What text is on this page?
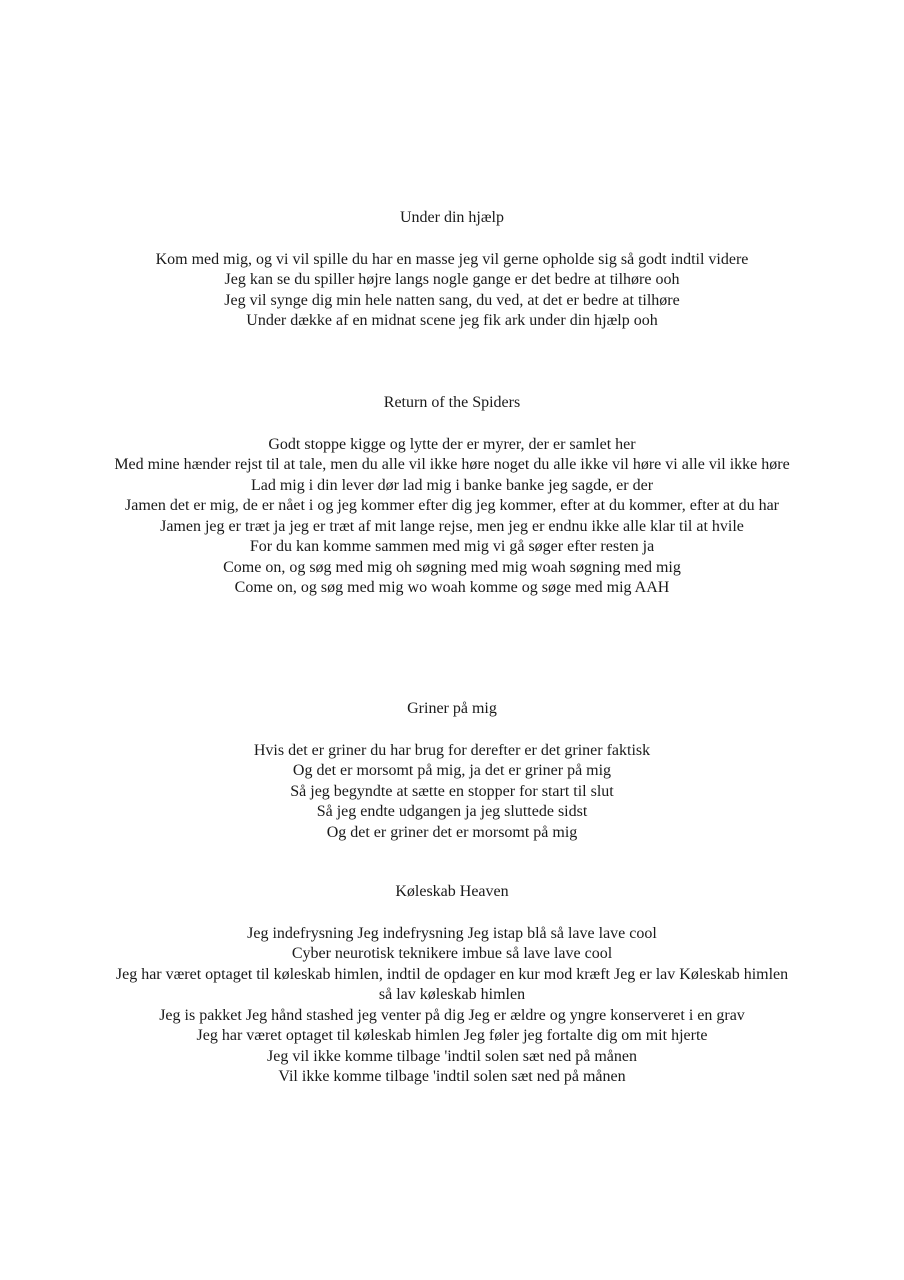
Under din hjælp
Kom med mig, og vi vil spille du har en masse jeg vil gerne opholde sig så godt indtil videre
Jeg kan se du spiller højre langs nogle gange er det bedre at tilhøre ooh
Jeg vil synge dig min hele natten sang, du ved, at det er bedre at tilhøre
Under dække af en midnat scene jeg fik ark under din hjælp ooh
Return of the Spiders
Godt stoppe kigge og lytte der er myrer, der er samlet her
Med mine hænder rejst til at tale, men du alle vil ikke høre noget du alle ikke vil høre vi alle vil ikke høre
Lad mig i din lever dør lad mig i banke banke jeg sagde, er der
Jamen det er mig, de er nået i og jeg kommer efter dig jeg kommer, efter at du kommer, efter at du har
Jamen jeg er træt ja jeg er træt af mit lange rejse, men jeg er endnu ikke alle klar til at hvile
For du kan komme sammen med mig vi gå søger efter resten ja
Come on, og søg med mig oh søgning med mig woah søgning med mig
Come on, og søg med mig wo woah komme og søge med mig AAH
Griner på mig
Hvis det er griner du har brug for derefter er det griner faktisk
Og det er morsomt på mig, ja det er griner på mig
Så jeg begyndte at sætte en stopper for start til slut
Så jeg endte udgangen ja jeg sluttede sidst
Og det er griner det er morsomt på mig
Køleskab Heaven
Jeg indefrysning Jeg indefrysning Jeg istap blå så lave lave cool
Cyber neurotisk teknikere imbue så lave lave cool
Jeg har været optaget til køleskab himlen, indtil de opdager en kur mod kræft Jeg er lav Køleskab himlen så lav køleskab himlen
Jeg is pakket Jeg hånd stashed jeg venter på dig Jeg er ældre og yngre konserveret i en grav
Jeg har været optaget til køleskab himlen Jeg føler jeg fortalte dig om mit hjerte
Jeg vil ikke komme tilbage 'indtil solen sæt ned på månen
Vil ikke komme tilbage 'indtil solen sæt ned på månen
